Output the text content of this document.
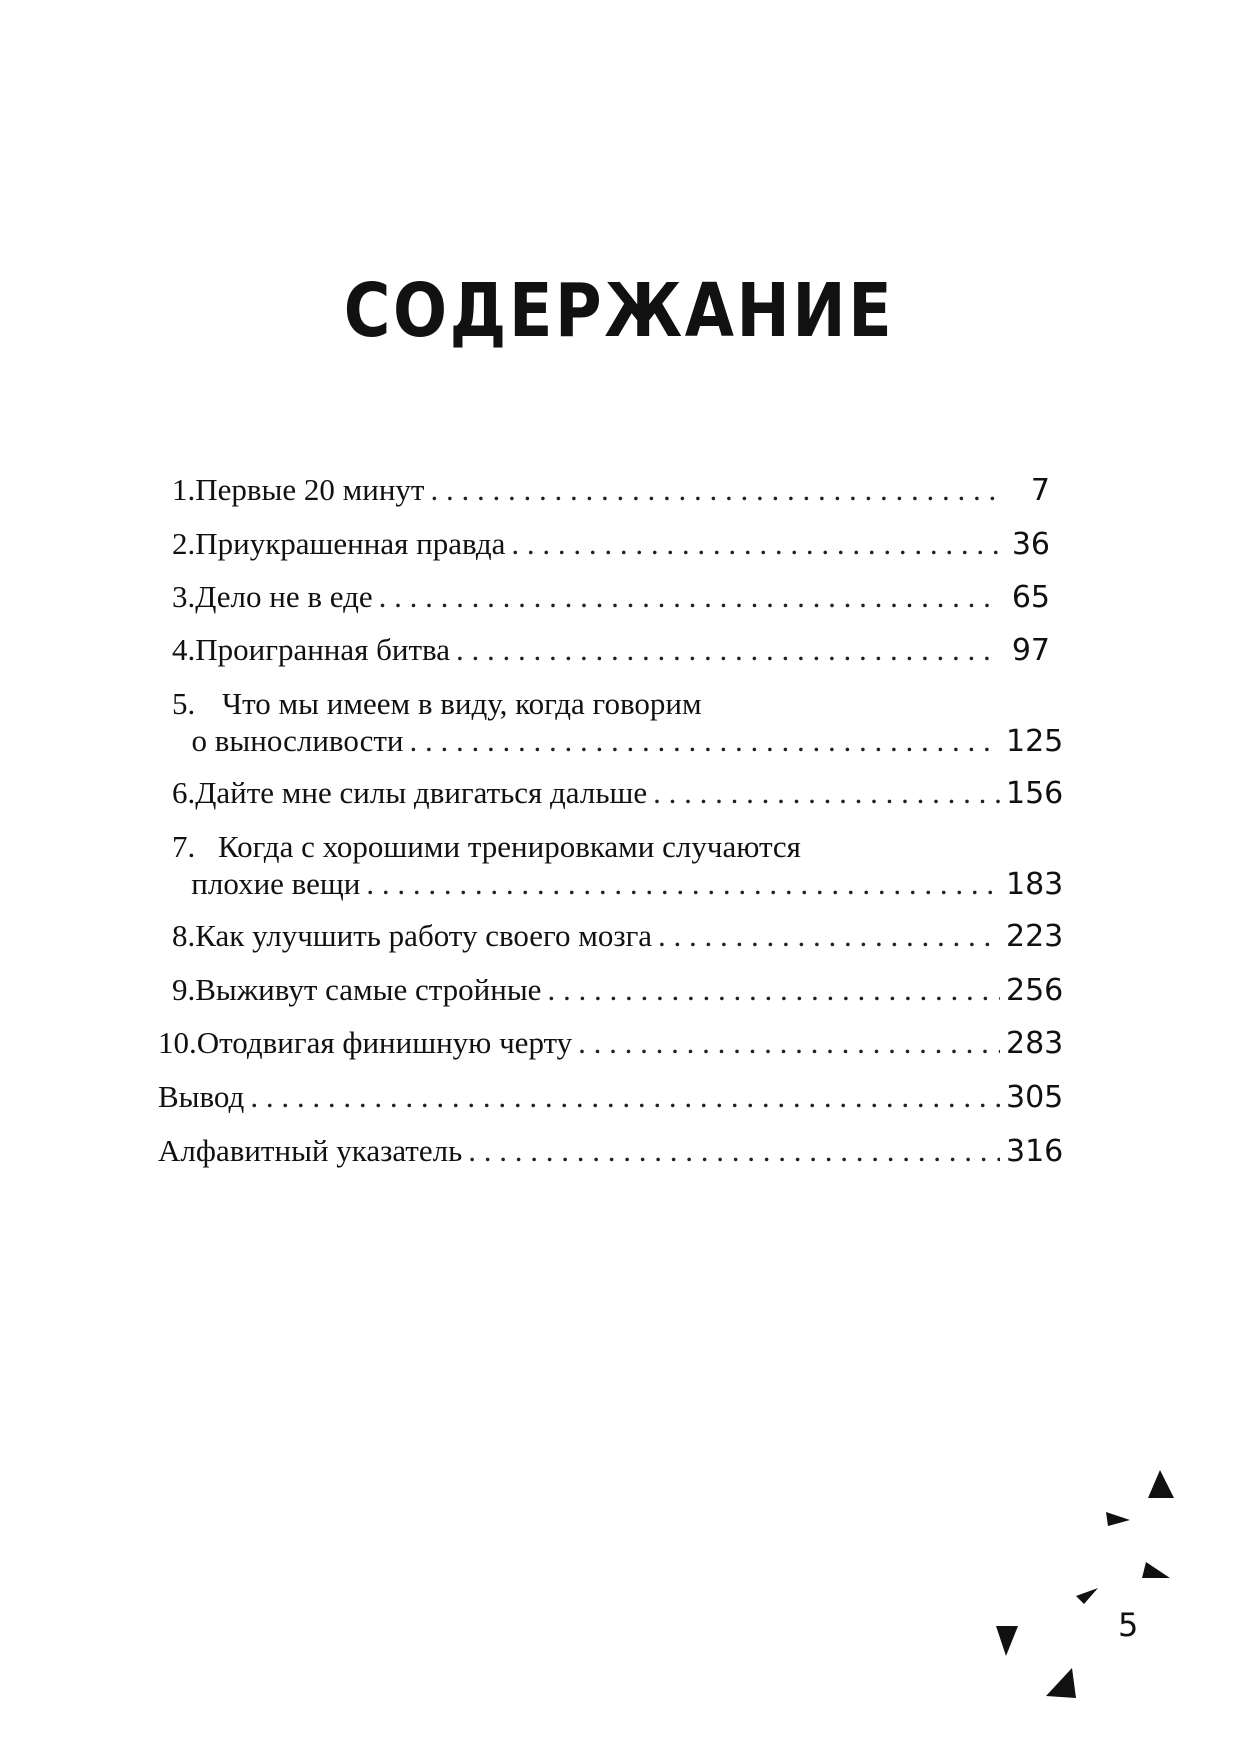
СОДЕРЖАНИЕ
1. Первые 20 минут . . .	7
2. Приукрашенная правда . . .	36
3. Дело не в еде . . .	65
4. Проигранная битва . . .	97
5. Что мы имеем в виду, когда говорим
о выносливости . . .	125
6. Дайте мне силы двигаться дальше . . .	156
7. Когда с хорошими тренировками случаются
плохие вещи . . .	183
8. Как улучшить работу своего мозга . . .	223
9. Выживут самые стройные . . .	256
10. Отодвигая финишную черту . . .	283
Вывод . . .	305
Алфавитный указатель . . .	316
5
